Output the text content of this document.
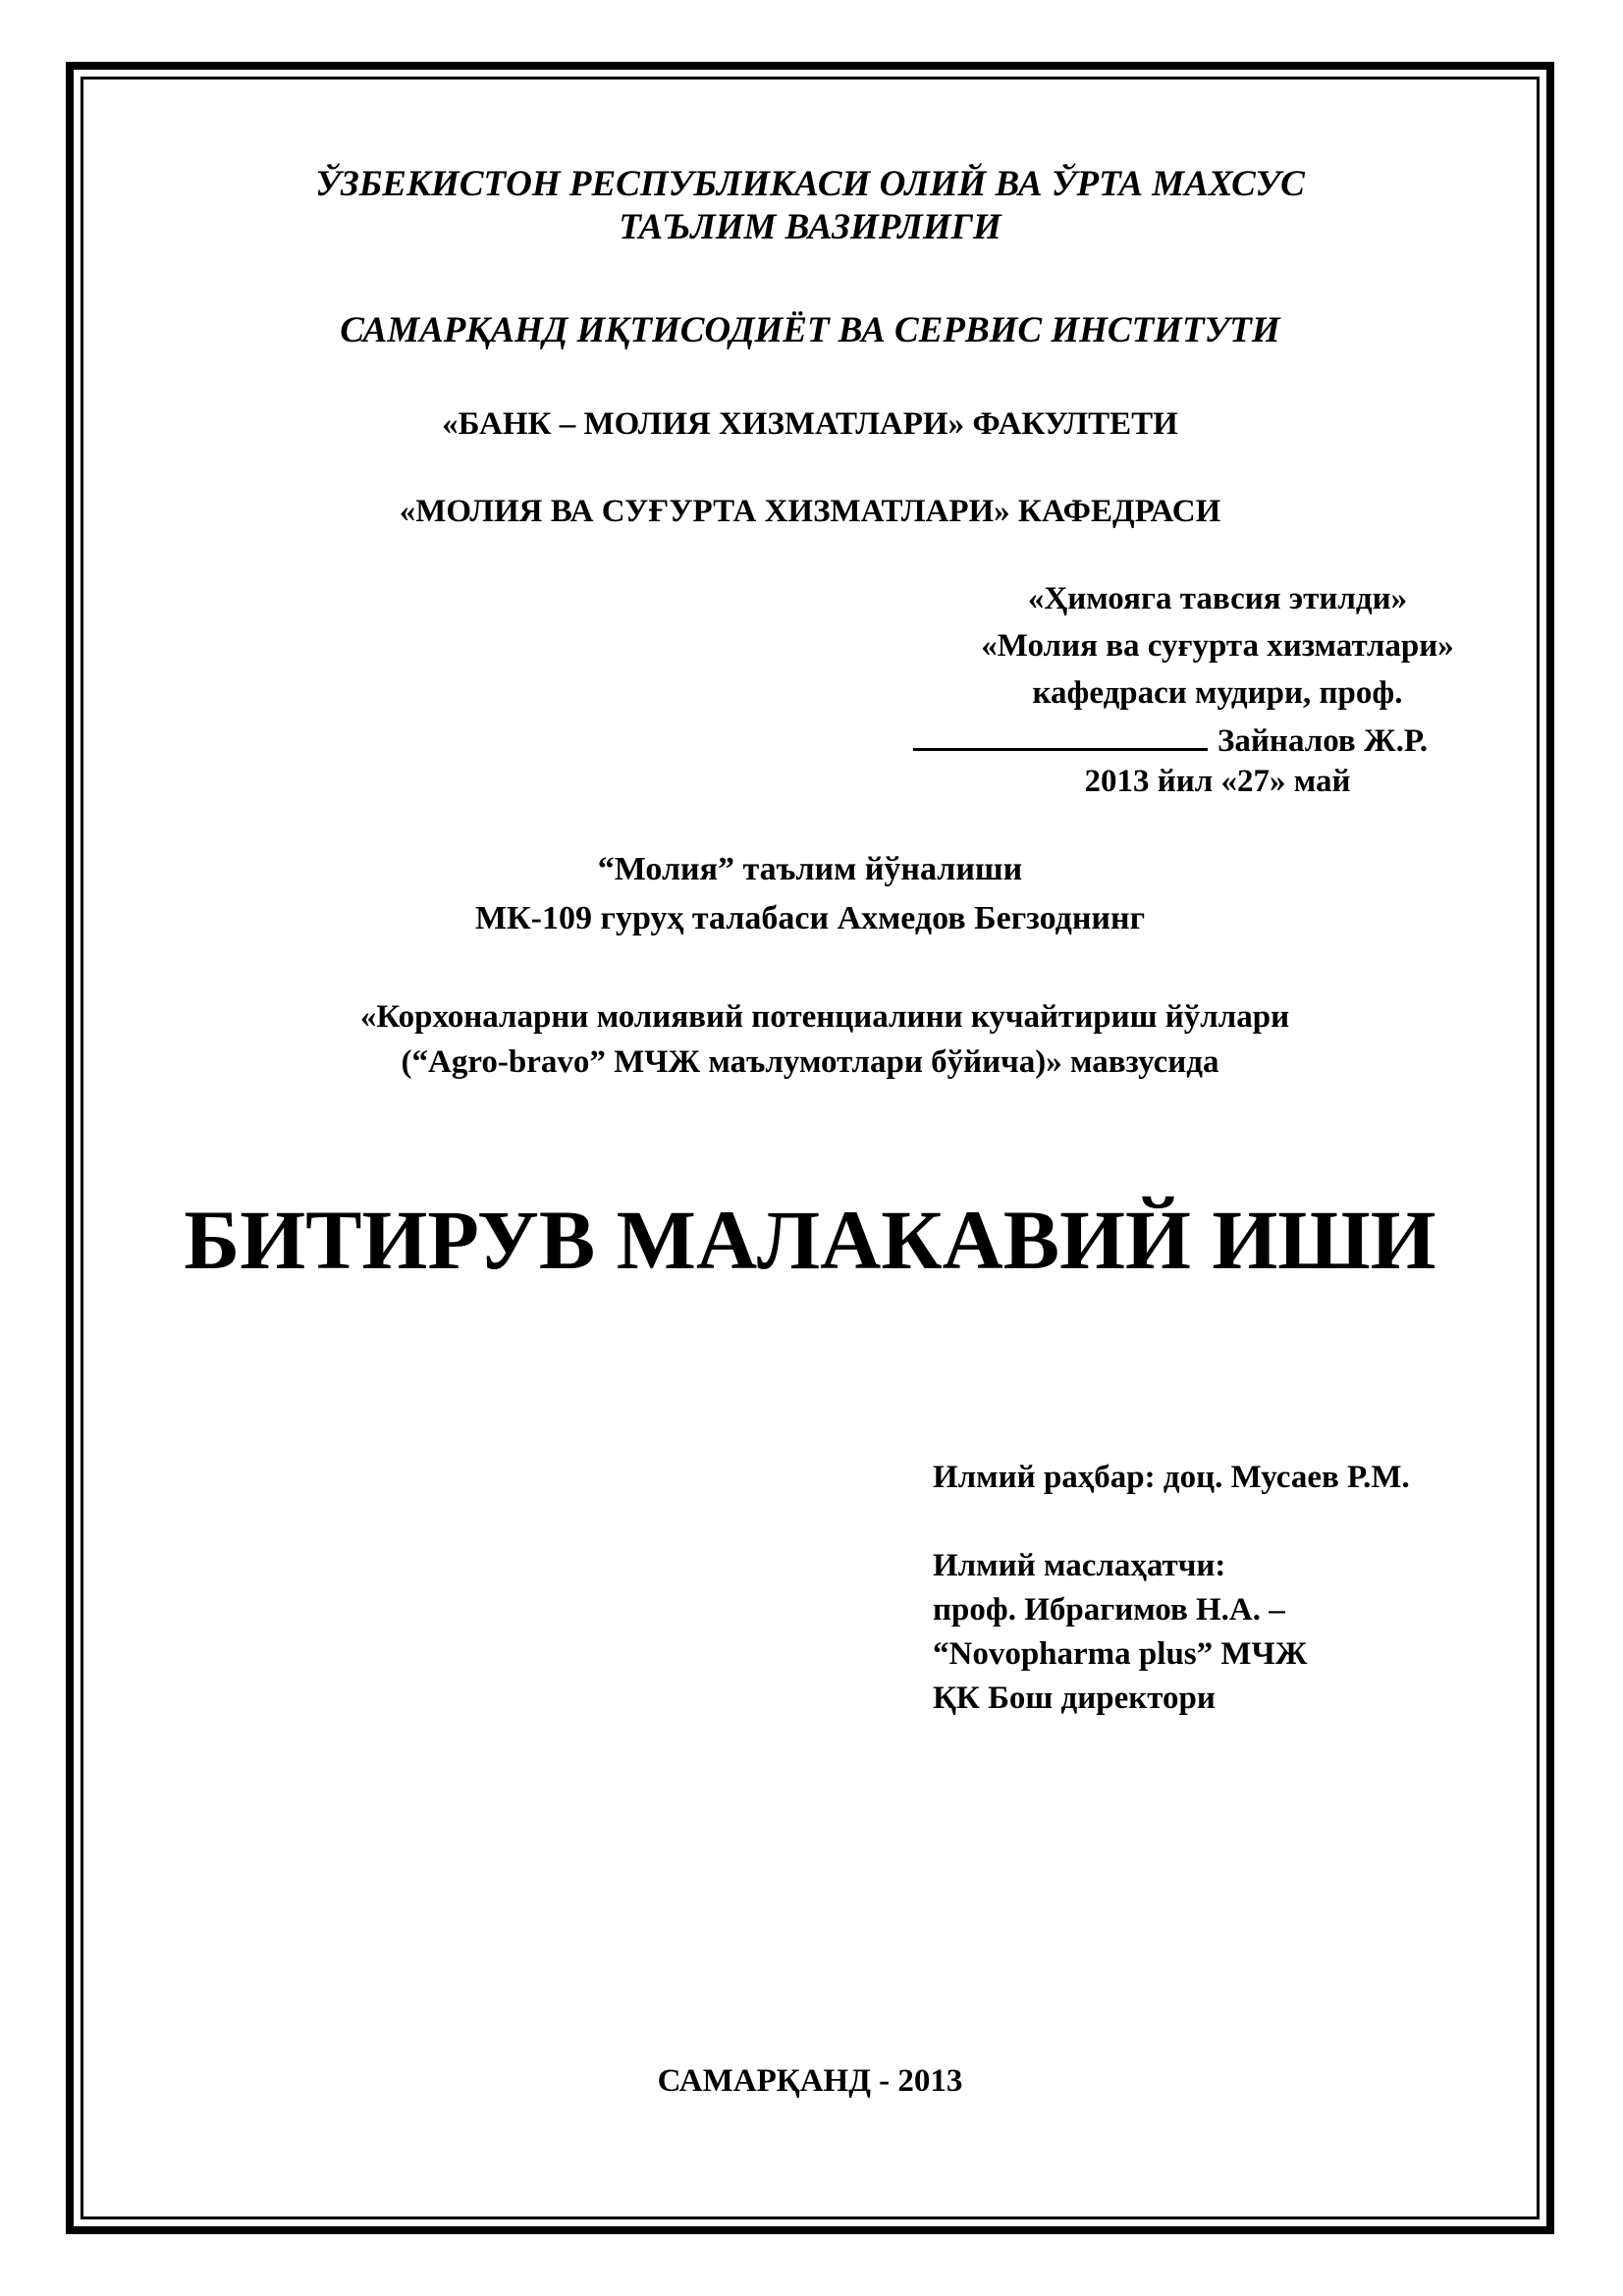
ЎЗБЕКИСТОН РЕСПУБЛИКАСИ ОЛИЙ ВА ЎРТА МАХСУС
ТАЪЛИМ ВАЗИРЛИГИ
САМАРҚАНД ИҚТИСОДИЁТ ВА СЕРВИС ИНСТИТУТИ
«БАНК – МОЛИЯ ХИЗМАТЛАРИ» ФАКУЛТЕТИ
«МОЛИЯ ВА СУҒУРТА ХИЗМАТЛАРИ» КАФЕДРАСИ
«Ҳимояга тавсия этилди»
«Молия ва суғурта хизматлари»
кафедраси мудири, проф.
Зайналов Ж.Р.
2013 йил «27» май
“Молия” таълим йўналиши
МК-109 гуруҳ талабаси Ахмедов Бегзоднинг
«Корхоналарни молиявий потенциалини кучайтириш йўллари
(“Agro-bravo” МЧЖ маълумотлари бўйича)» мавзусида
БИТИРУВ МАЛАКАВИЙ ИШИ
Илмий раҳбар: доц. Мусаев Р.М.
Илмий маслаҳатчи:
проф. Ибрагимов Н.А. –
“Novopharma plus” МЧЖ
ҚК Бош директори
САМАРҚАНД - 2013
